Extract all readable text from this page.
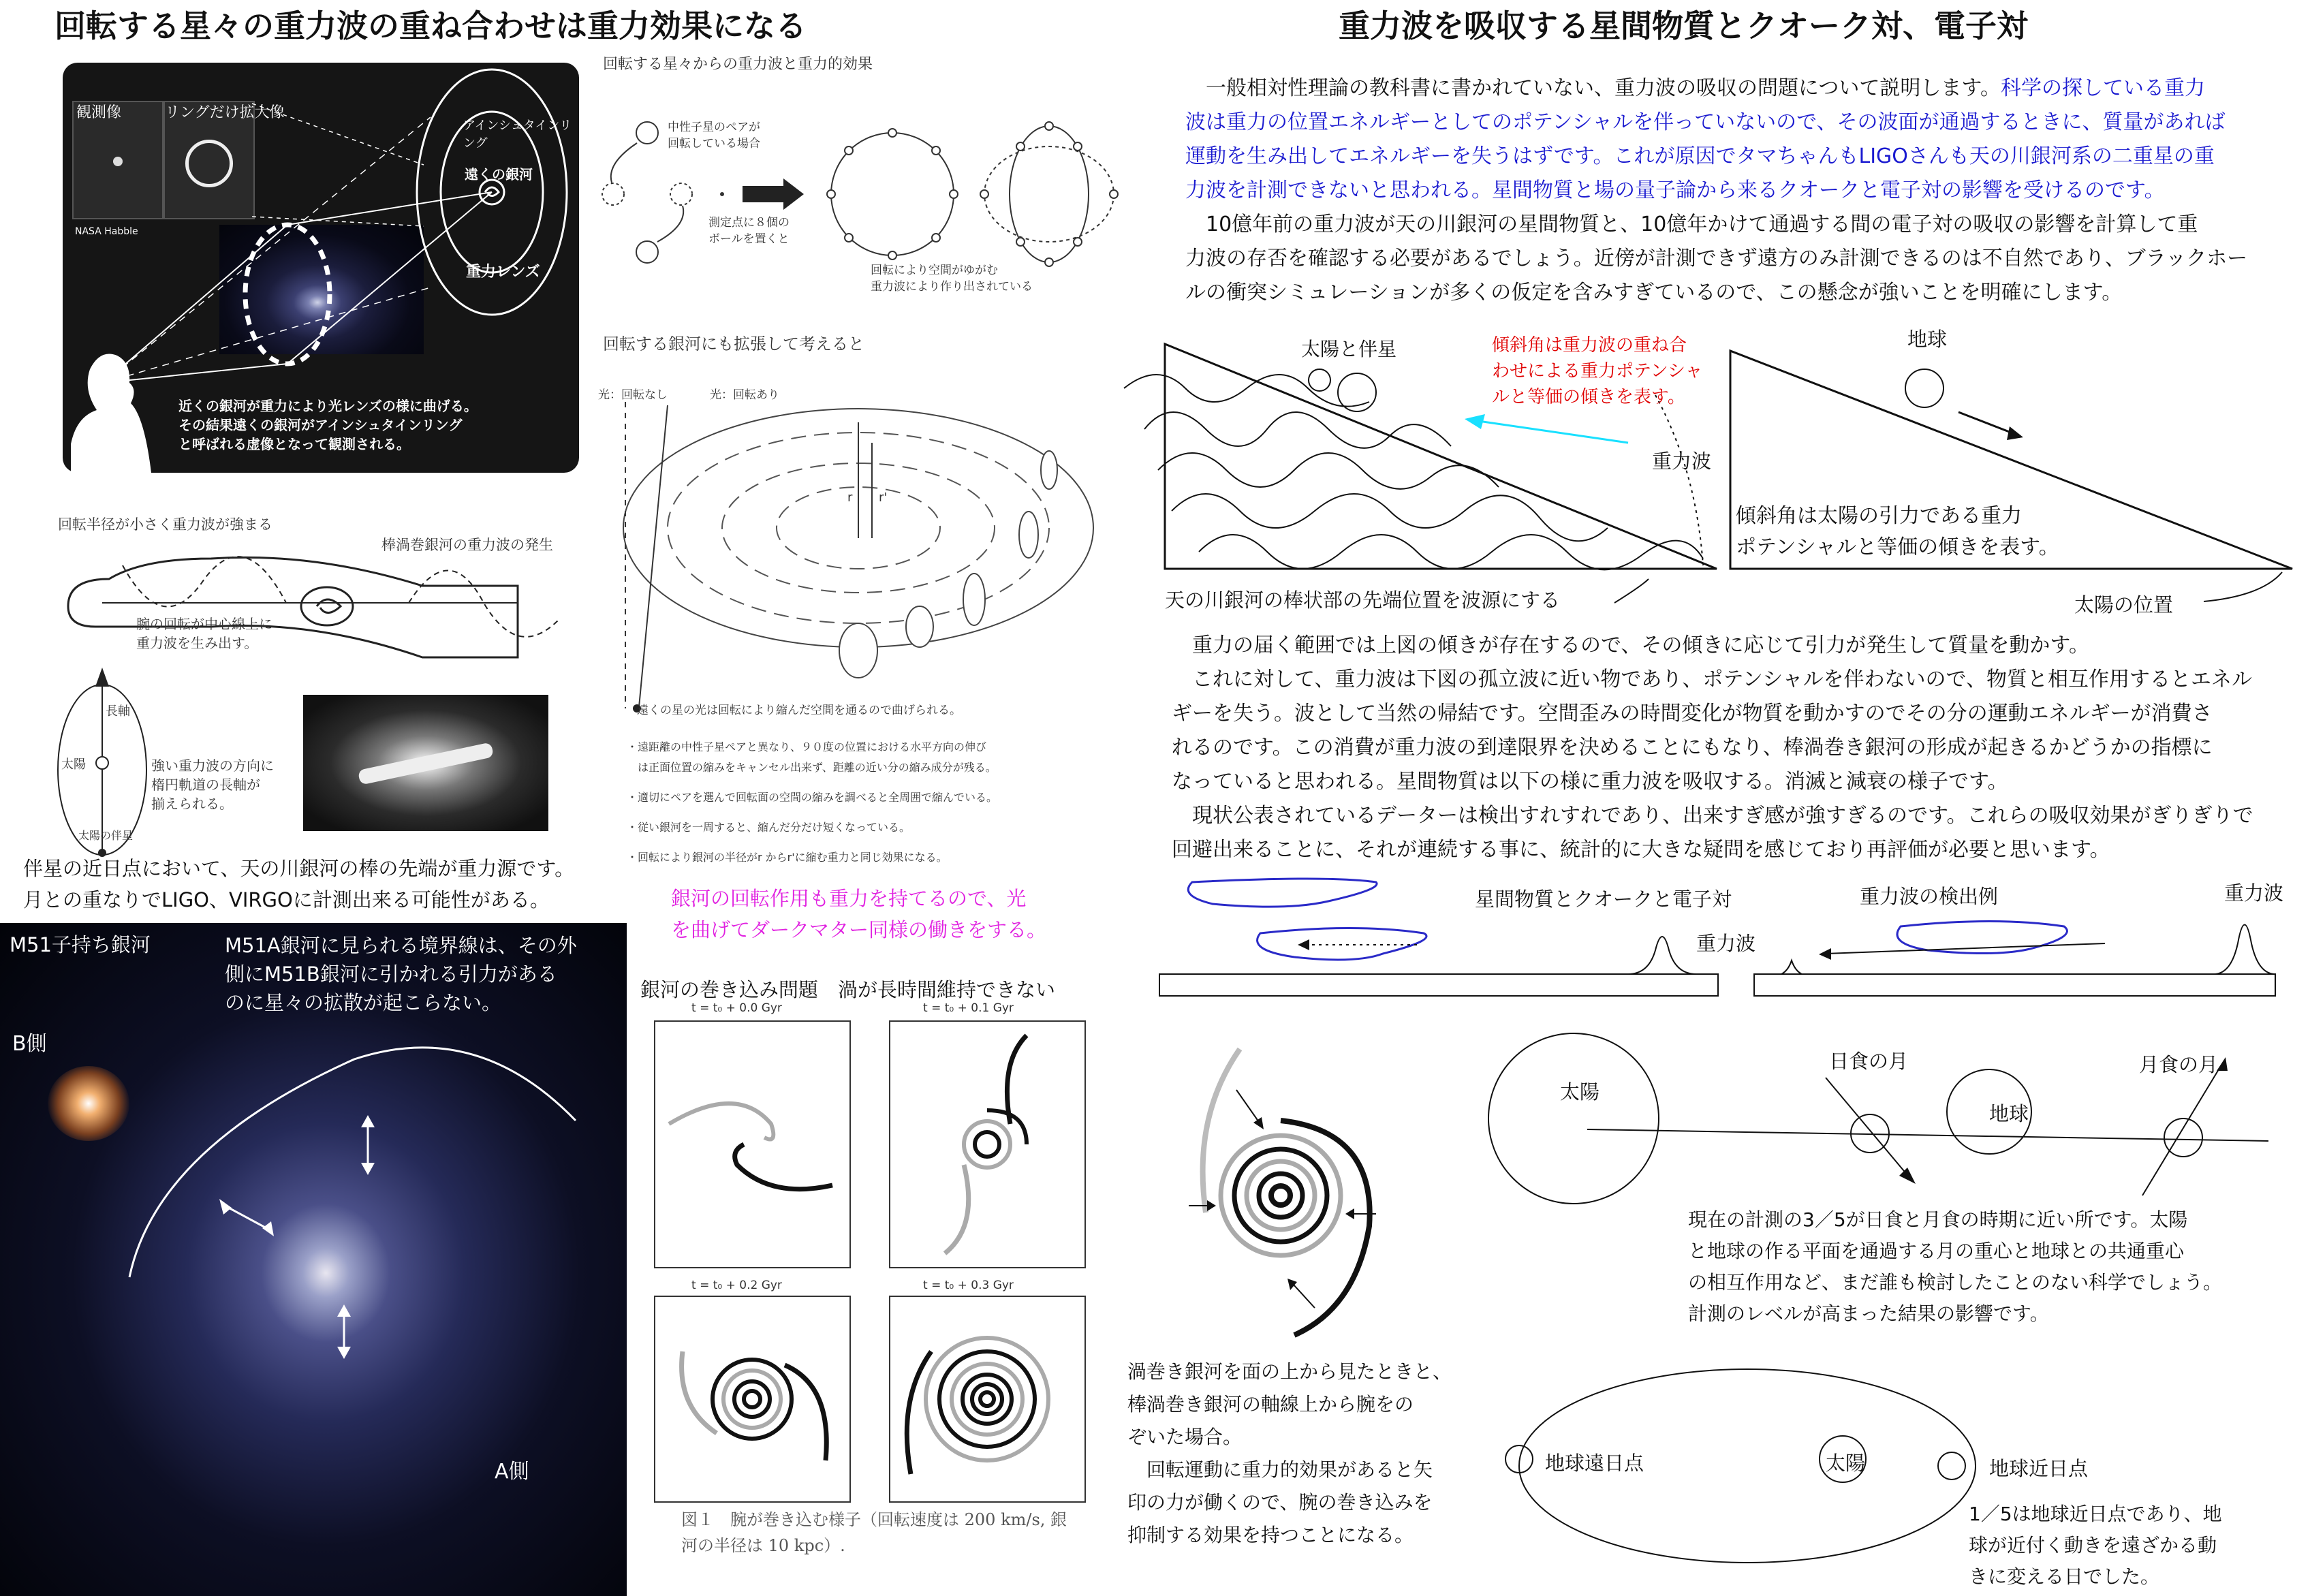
回転する星々の重力波の重ね合わせは重力効果になる	重力波を吸収する星間物質とクオーク対、電子対
観測像	リングだけ拡大像
NASA Habble
アインシュタインリング
遠くの銀河
重力レンズ
近くの銀河が重力により光レンズの様に曲げる。
その結果遠くの銀河がアインシュタインリング
と呼ばれる虚像となって観測される。
回転する星々からの重力波と重力的効果
中性子星のペアが
回転している場合
測定点に８個の
ボールを置くと
回転により空間がゆがむ
重力波により作り出されている
回転する銀河にも拡張して考えると
光：回転なし	光：回転あり
r r'
遠くの星の光は回転により縮んだ空間を通るので曲げられる。
・遠距離の中性子星ペアと異なり、９０度の位置における水平方向の伸び
　は正面位置の縮みをキャンセル出来ず、距離の近い分の縮み成分が残る。
・適切にペアを選んで回転面の空間の縮みを調べると全周囲で縮んでいる。
・従い銀河を一周すると、縮んだ分だけ短くなっている。
・回転により銀河の半径がr からr'に縮む重力と同じ効果になる。
回転半径が小さく重力波が強まる
棒渦巻銀河の重力波の発生
腕の回転が中心線上に
重力波を生み出す。
長軸
太陽
太陽の伴星
強い重力波の方向に
楕円軌道の長軸が
揃えられる。
伴星の近日点において、天の川銀河の棒の先端が重力源です。
月との重なりでLIGO、VIRGOに計測出来る可能性がある。	銀河の回転作用も重力を持てるので、光
を曲げてダークマター同様の働きをする。
M51子持ち銀河	M51A銀河に見られる境界線は、その外
側にM51B銀河に引かれる引力がある
のに星々の拡散が起こらない。
B側
A側
銀河の巻き込み問題　渦が長時間維持できない
t = t₀ + 0.0 Gyr	t = t₀ + 0.1 Gyr
t = t₀ + 0.2 Gyr	t = t₀ + 0.3 Gyr
図１　腕が巻き込む様子（回転速度は 200 km/s, 銀
河の半径は 10 kpc）.
　一般相対性理論の教科書に書かれていない、重力波の吸収の問題について説明します。科学の探している重力
波は重力の位置エネルギーとしてのポテンシャルを伴っていないので、その波面が通過するときに、質量があれば
運動を生み出してエネルギーを失うはずです。これが原因でタマちゃんもLIGOさんも天の川銀河系の二重星の重
力波を計測できないと思われる。星間物質と場の量子論から来るクオークと電子対の影響を受けるのです。
　10億年前の重力波が天の川銀河の星間物質と、10億年かけて通過する間の電子対の吸収の影響を計算して重
力波の存否を確認する必要があるでしょう。近傍が計測できず遠方のみ計測できるのは不自然であり、ブラックホー
ルの衝突シミュレーションが多くの仮定を含みすぎているので、この懸念が強いことを明確にします。
太陽と伴星	傾斜角は重力波の重ね合
わせによる重力ポテンシャ
ルと等価の傾きを表す。
重力波
天の川銀河の棒状部の先端位置を波源にする
地球
傾斜角は太陽の引力である重力
ポテンシャルと等価の傾きを表す。
太陽の位置
　重力の届く範囲では上図の傾きが存在するので、その傾きに応じて引力が発生して質量を動かす。
　これに対して、重力波は下図の孤立波に近い物であり、ポテンシャルを伴わないので、物質と相互作用するとエネル
ギーを失う。波として当然の帰結です。空間歪みの時間変化が物質を動かすのでその分の運動エネルギーが消費さ
れるのです。この消費が重力波の到達限界を決めることにもなり、棒渦巻き銀河の形成が起きるかどうかの指標に
なっていると思われる。星間物質は以下の様に重力波を吸収する。消滅と減衰の様子です。
　現状公表されているデーターは検出すれすれであり、出来すぎ感が強すぎるのです。これらの吸収効果がぎりぎりで
回避出来ることに、それが連続する事に、統計的に大きな疑問を感じており再評価が必要と思います。
星間物質とクオークと電子対
重力波
重力波の検出例	重力波
渦巻き銀河を面の上から見たときと、
棒渦巻き銀河の軸線上から腕をの
ぞいた場合。
　回転運動に重力的効果があると矢
印の力が働くので、腕の巻き込みを
抑制する効果を持つことになる。
太陽
日食の月
地球
月食の月
現在の計測の3／5が日食と月食の時期に近い所です。太陽
と地球の作る平面を通過する月の重心と地球との共通重心
の相互作用など、まだ誰も検討したことのない科学でしょう。
計測のレベルが高まった結果の影響です。
地球遠日点	太陽	地球近日点
1／5は地球近日点であり、地
球が近付く動きを遠ざかる動
きに変える日でした。
